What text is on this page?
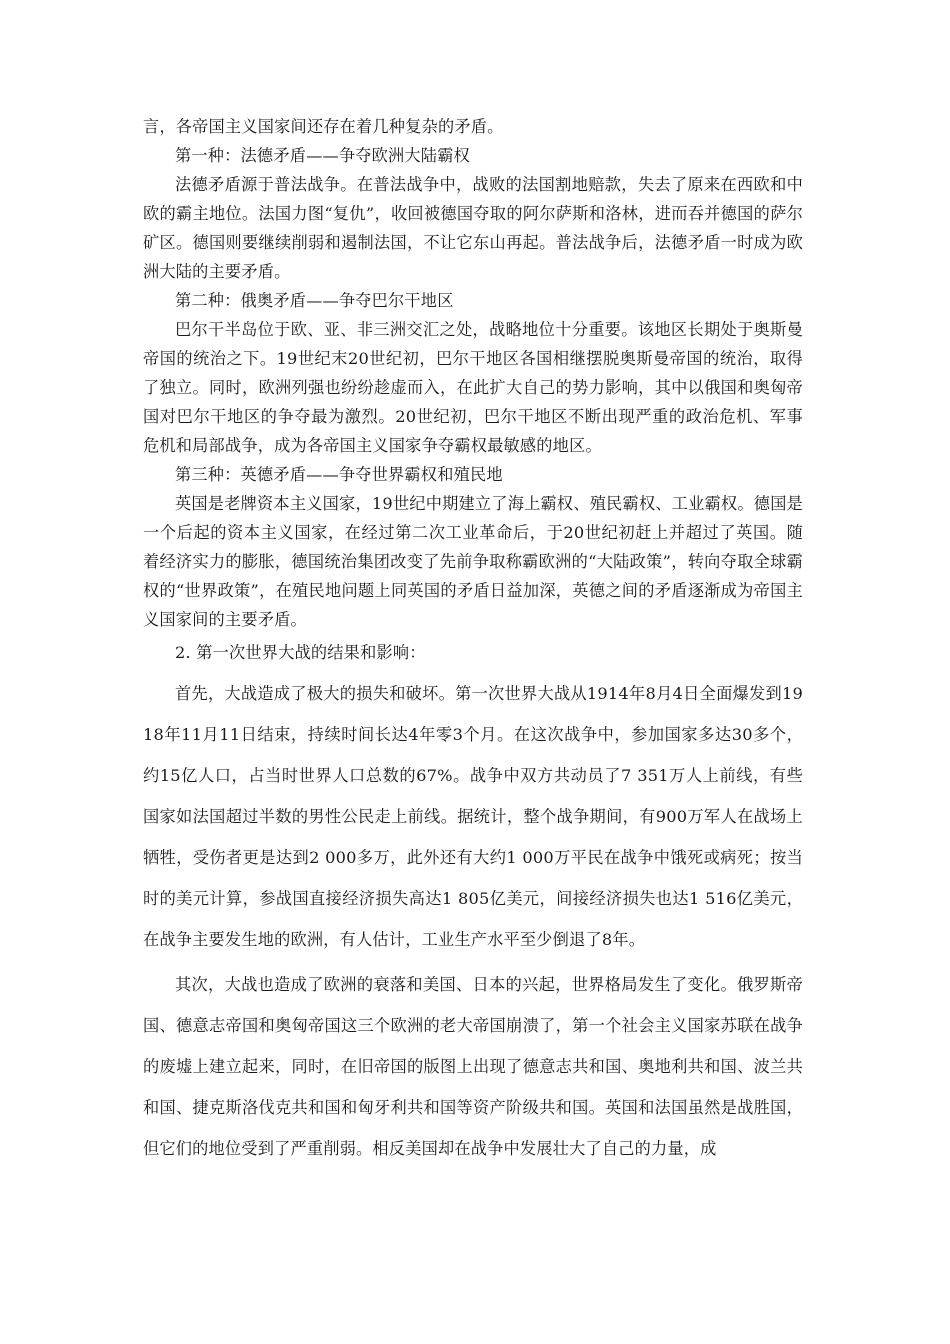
言，各帝国主义国家间还存在着几种复杂的矛盾。

第一种：法德矛盾——争夺欧洲大陆霸权

法德矛盾源于普法战争。在普法战争中，战败的法国割地赔款，失去了原来在西欧和中欧的霸主地位。法国力图“复仇”，收回被德国夺取的阿尔萨斯和洛林，进而吞并德国的萨尔矿区。德国则要继续削弱和遏制法国，不让它东山再起。普法战争后，法德矛盾一时成为欧洲大陆的主要矛盾。

第二种：俄奥矛盾——争夺巴尔干地区

巴尔干半岛位于欧、亚、非三洲交汇之处，战略地位十分重要。该地区长期处于奥斯曼帝国的统治之下。19世纪末20世纪初，巴尔干地区各国相继摆脱奥斯曼帝国的统治，取得了独立。同时，欧洲列强也纷纷趁虚而入，在此扩大自己的势力影响，其中以俄国和奥匈帝国对巴尔干地区的争夺最为激烈。20世纪初，巴尔干地区不断出现严重的政治危机、军事危机和局部战争，成为各帝国主义国家争夺霸权最敏感的地区。

第三种：英德矛盾——争夺世界霸权和殖民地

英国是老牌资本主义国家，19世纪中期建立了海上霸权、殖民霸权、工业霸权。德国是一个后起的资本主义国家，在经过第二次工业革命后，于20世纪初赶上并超过了英国。随着经济实力的膨胀，德国统治集团改变了先前争取称霸欧洲的“大陆政策”，转向夺取全球霸权的“世界政策”，在殖民地问题上同英国的矛盾日益加深，英德之间的矛盾逐渐成为帝国主义国家间的主要矛盾。

2. 第一次世界大战的结果和影响：

首先，大战造成了极大的损失和破坏。第一次世界大战从1914年8月4日全面爆发到1918年11月11日结束，持续时间长达4年零3个月。在这次战争中，参加国家多达30多个，约15亿人口，占当时世界人口总数的67%。战争中双方共动员了7 351万人上前线，有些国家如法国超过半数的男性公民走上前线。据统计，整个战争期间，有900万军人在战场上牺牲，受伤者更是达到2 000多万，此外还有大约1 000万平民在战争中饿死或病死；按当时的美元计算，参战国直接经济损失高达1 805亿美元，间接经济损失也达1 516亿美元，在战争主要发生地的欧洲，有人估计，工业生产水平至少倒退了8年。

其次，大战也造成了欧洲的衰落和美国、日本的兴起，世界格局发生了变化。俄罗斯帝国、德意志帝国和奥匈帝国这三个欧洲的老大帝国崩溃了，第一个社会主义国家苏联在战争的废墟上建立起来，同时，在旧帝国的版图上出现了德意志共和国、奥地利共和国、波兰共和国、捷克斯洛伐克共和国和匈牙利共和国等资产阶级共和国。英国和法国虽然是战胜国，但它们的地位受到了严重削弱。相反美国却在战争中发展壮大了自己的力量，成
